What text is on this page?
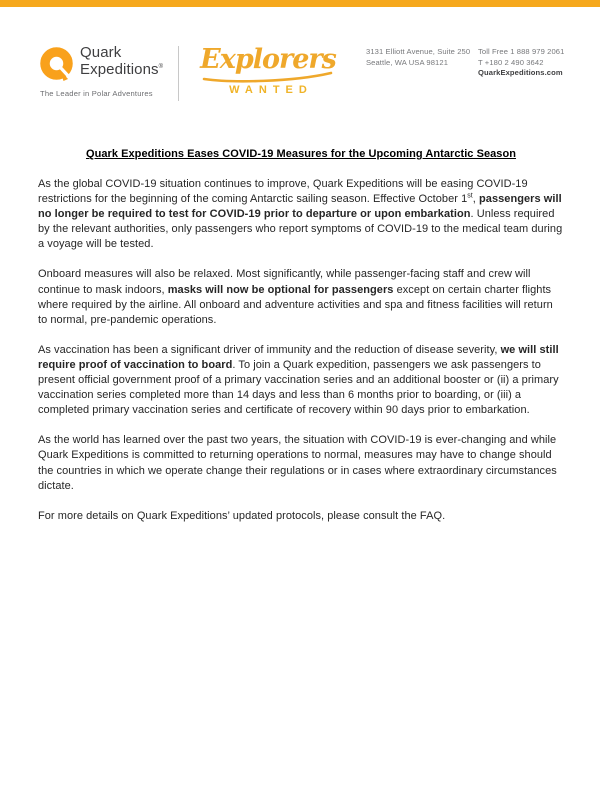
Quark
Expeditions®
The Leader in Polar Adventures
Explorers
WANTED
3131 Elliott Avenue, Suite 250
Seattle, WA USA 98121
Toll Free 1 888 979 2061
T +180 2 490 3642
QuarkExpeditions.com
Quark Expeditions Eases COVID-19 Measures for the Upcoming Antarctic Season

As the global COVID-19 situation continues to improve, Quark Expeditions will be easing COVID-19 restrictions for the beginning of the coming Antarctic sailing season. Effective October 1st, passengers will no longer be required to test for COVID-19 prior to departure or upon embarkation. Unless required by the relevant authorities, only passengers who report symptoms of COVID-19 to the medical team during a voyage will be tested.

Onboard measures will also be relaxed. Most significantly, while passenger-facing staff and crew will continue to mask indoors, masks will now be optional for passengers except on certain charter flights where required by the airline. All onboard and adventure activities and spa and fitness facilities will return to normal, pre-pandemic operations.

As vaccination has been a significant driver of immunity and the reduction of disease severity, we will still require proof of vaccination to board. To join a Quark expedition, passengers we ask passengers to present official government proof of a primary vaccination series and an additional booster or (ii) a primary vaccination series completed more than 14 days and less than 6 months prior to boarding, or (iii) a completed primary vaccination series and certificate of recovery within 90 days prior to embarkation.

As the world has learned over the past two years, the situation with COVID-19 is ever-changing and while Quark Expeditions is committed to returning operations to normal, measures may have to change should the countries in which we operate change their regulations or in cases where extraordinary circumstances dictate.

For more details on Quark Expeditions’ updated protocols, please consult the FAQ.
